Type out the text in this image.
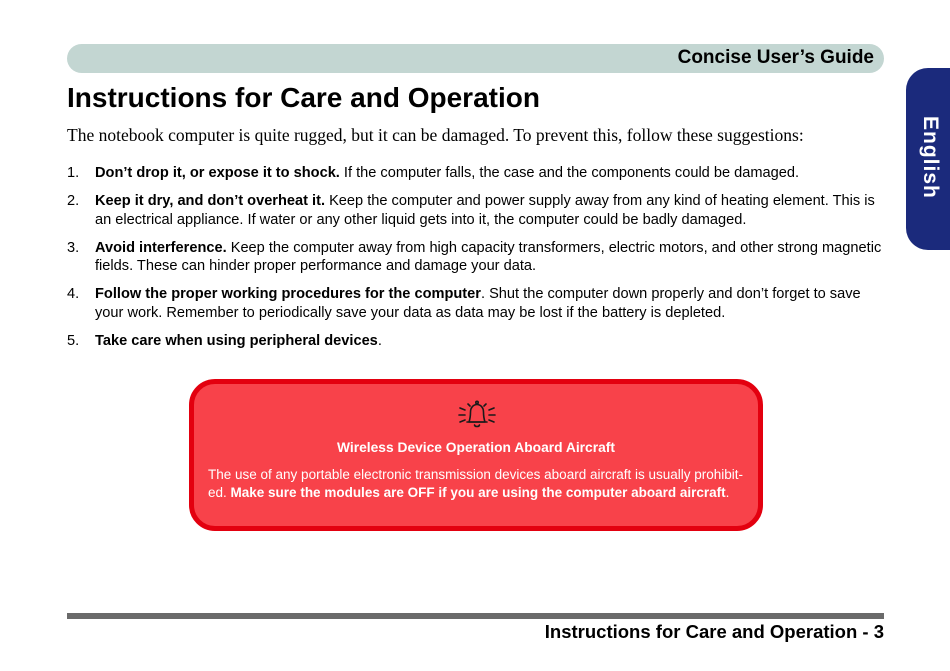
Concise User’s Guide
English
Instructions for Care and Operation

The notebook computer is quite rugged, but it can be damaged. To prevent this, follow these suggestions:

1. Don’t drop it, or expose it to shock. If the computer falls, the case and the components could be damaged.
2. Keep it dry, and don’t overheat it. Keep the computer and power supply away from any kind of heating element. This is an electrical appliance. If water or any other liquid gets into it, the computer could be badly damaged.
3. Avoid interference. Keep the computer away from high capacity transformers, electric motors, and other strong magnetic fields. These can hinder proper performance and damage your data.
4. Follow the proper working procedures for the computer. Shut the computer down properly and don’t forget to save your work. Remember to periodically save your data as data may be lost if the battery is depleted.
5. Take care when using peripheral devices.
Wireless Device Operation Aboard Aircraft
The use of any portable electronic transmission devices aboard aircraft is usually prohibit-ed. Make sure the modules are OFF if you are using the computer aboard aircraft.
Instructions for Care and Operation - 3
